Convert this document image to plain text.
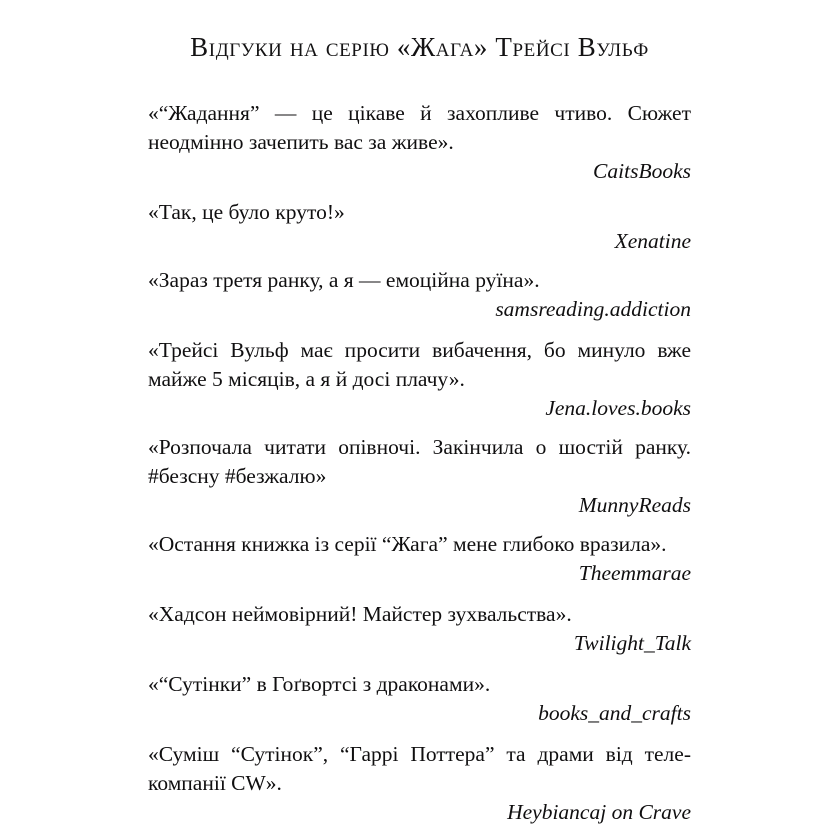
Відгуки на серію «Жага» Трейсі Вульф

«“Жадання” — це цікаве й захопливе чтиво. Сюжет неодмінно зачепить вас за живе».

CaitsBooks

«Так, це було круто!»

Xenatine

«Зараз третя ранку, а я — емоційна руїна».

samsreading.addiction

«Трейсі Вульф має просити вибачення, бо минуло вже майже 5 місяців, а я й досі плачу».

Jena.loves.books

«Розпочала читати опівночі. Закінчила о шостій ранку. #безсну #безжалю»

MunnyReads

«Остання книжка із серії “Жага” мене глибоко вразила».

Theemmarae

«Хадсон неймовірний! Майстер зухвальства».

Twilight_Talk

«“Сутінки” в Гоґвортсі з драконами».

books_and_crafts

«Суміш “Сутінок”, “Гаррі Поттера” та драми від теле-компанії CW».

Heybiancaj on Crave
